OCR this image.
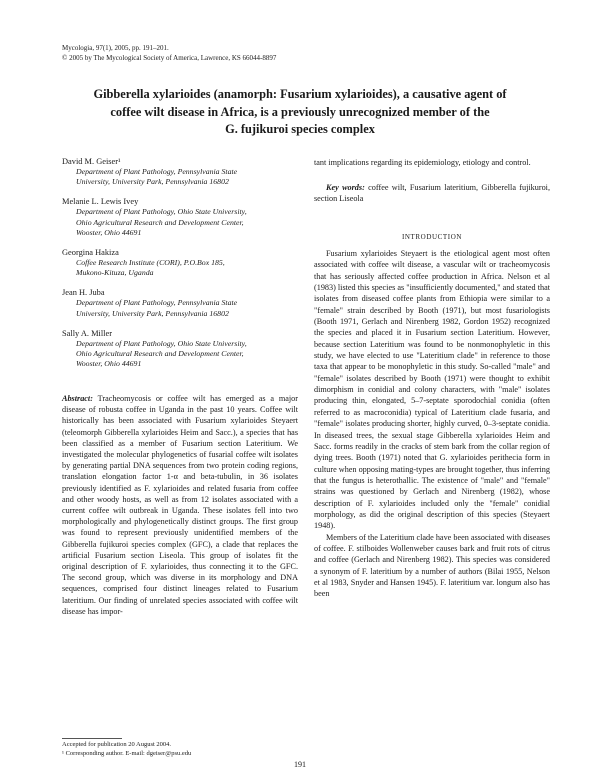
Mycologia, 97(1), 2005, pp. 191–201.
© 2005 by The Mycological Society of America, Lawrence, KS 66044-8897
Gibberella xylarioides (anamorph: Fusarium xylarioides), a causative agent of
coffee wilt disease in Africa, is a previously unrecognized member of the
G. fujikuroi species complex
David M. Geiser¹
Department of Plant Pathology, Pennsylvania State
University, University Park, Pennsylvania 16802
Melanie L. Lewis Ivey
Department of Plant Pathology, Ohio State University,
Ohio Agricultural Research and Development Center,
Wooster, Ohio 44691
Georgina Hakiza
Coffee Research Institute (CORI), P.O.Box 185,
Mukono-Kituza, Uganda
Jean H. Juba
Department of Plant Pathology, Pennsylvania State
University, University Park, Pennsylvania 16802
Sally A. Miller
Department of Plant Pathology, Ohio State University,
Ohio Agricultural Research and Development Center,
Wooster, Ohio 44691
Abstract: Tracheomycosis or coffee wilt has emerged as a major disease of robusta coffee in Uganda in the past 10 years. Coffee wilt historically has been associated with Fusarium xylarioides Steyaert (teleomorph Gibberella xylarioides Heim and Sacc.), a species that has been classified as a member of Fusarium section Lateritium. We investigated the molecular phylogenetics of fusarial coffee wilt isolates by generating partial DNA sequences from two protein coding regions, translation elongation factor 1-α and beta-tubulin, in 36 isolates previously identified as F. xylarioides and related fusaria from coffee and other woody hosts, as well as from 12 isolates associated with a current coffee wilt outbreak in Uganda. These isolates fell into two morphologically and phylogenetically distinct groups. The first group was found to represent previously unidentified members of the Gibberella fujikuroi species complex (GFC), a clade that replaces the artificial Fusarium section Liseola. This group of isolates fit the original description of F. xylarioides, thus connecting it to the GFC. The second group, which was diverse in its morphology and DNA sequences, comprised four distinct lineages related to Fusarium lateritium. Our finding of unrelated species associated with coffee wilt disease has impor-
tant implications regarding its epidemiology, etiology and control.
Key words: coffee wilt, Fusarium lateritium, Gibberella fujikuroi, section Liseola
INTRODUCTION

Fusarium xylarioides Steyaert is the etiological agent most often associated with coffee wilt disease, a vascular wilt or tracheomycosis that has seriously affected coffee production in Africa. Nelson et al (1983) listed this species as "insufficiently documented," and stated that isolates from diseased coffee plants from Ethiopia were similar to a "female" strain described by Booth (1971), but most fusariologists (Booth 1971, Gerlach and Nirenberg 1982, Gordon 1952) recognized the species and placed it in Fusarium section Lateritium. However, because section Lateritium was found to be nonmonophyletic in this study, we have elected to use "Lateritium clade" in reference to those taxa that appear to be monophyletic in this study. So-called "male" and "female" isolates described by Booth (1971) were thought to exhibit dimorphism in conidial and colony characters, with "male" isolates producing thin, elongated, 5–7-septate sporodochial conidia (often referred to as macroconidia) typical of Lateritium clade fusaria, and "female" isolates producing shorter, highly curved, 0–3-septate conidia. In diseased trees, the sexual stage Gibberella xylarioides Heim and Sacc. forms readily in the cracks of stem bark from the collar region of dying trees. Booth (1971) noted that G. xylarioides perithecia form in culture when opposing mating-types are brought together, thus inferring that the fungus is heterothallic. The existence of "male" and "female" strains was questioned by Gerlach and Nirenberg (1982), whose description of F. xylarioides included only the "female" conidial morphology, as did the original description of this species (Steyaert 1948).

Members of the Lateritium clade have been associated with diseases of coffee. F. stilboides Wollenweber causes bark and fruit rots of citrus and coffee (Gerlach and Nirenberg 1982). This species was considered a synonym of F. lateritium by a number of authors (Bilai 1955, Nelson et al 1983, Snyder and Hansen 1945). F. lateritium var. longum also has been

Accepted for publication 20 August 2004.
¹ Corresponding author. E-mail: dgeiser@psu.edu
191
